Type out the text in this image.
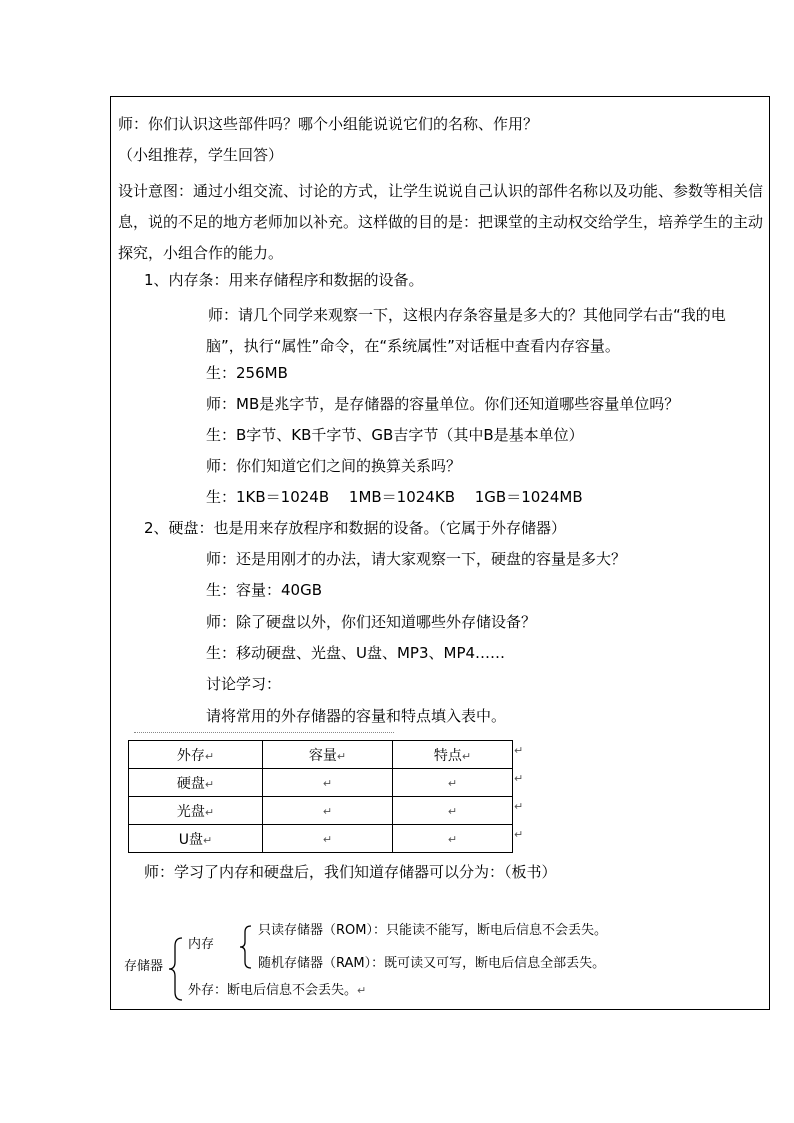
师：你们认识这些部件吗？哪个小组能说说它们的名称、作用？
（小组推荐，学生回答）
设计意图：通过小组交流、讨论的方式，让学生说说自己认识的部件名称以及功能、参数等相关信息，说的不足的地方老师加以补充。这样做的目的是：把课堂的主动权交给学生，培养学生的主动探究，小组合作的能力。
1、内存条：用来存储程序和数据的设备。
师：请几个同学来观察一下，这根内存条容量是多大的？其他同学右击“我的电脑”，执行“属性”命令，在“系统属性”对话框中查看内存容量。
生：256MB
师：MB是兆字节，是存储器的容量单位。你们还知道哪些容量单位吗？
生：B字节、KB千字节、GB吉字节（其中B是基本单位）
师：你们知道它们之间的换算关系吗？
生：1KB＝1024B　 1MB＝1024KB　 1GB＝1024MB
2、硬盘：也是用来存放程序和数据的设备。（它属于外存储器）
师：还是用刚才的办法，请大家观察一下，硬盘的容量是多大？
生：容量：40GB
师：除了硬盘以外，你们还知道哪些外存储设备？
生：移动硬盘、光盘、U盘、MP3、MP4……
讨论学习：
请将常用的外存储器的容量和特点填入表中。
外存↵	容量↵	特点↵
硬盘↵	↵	↵
光盘↵	↵	↵
U盘↵	↵	↵
↵
↵
↵
↵
师：学习了内存和硬盘后，我们知道存储器可以分为：（板书）
存储器
内存
只读存储器（ROM）：只能读不能写，断电后信息不会丢失。
随机存储器（RAM）：既可读又可写，断电后信息全部丢失。
外存：断电后信息不会丢失。↵
